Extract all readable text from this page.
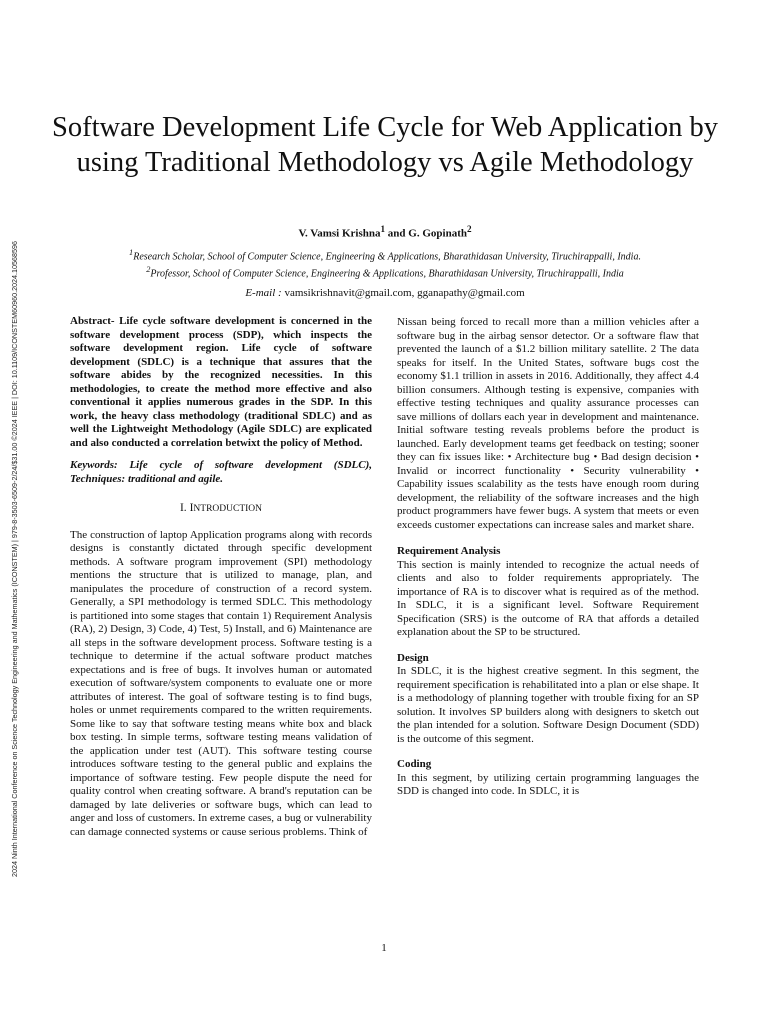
2024 Ninth International Conference on Science Technology Engineering and Mathematics (ICONSTEM) | 979-8-3503-6509-2/24/$31.00 ©2024 IEEE | DOI: 10.1109/ICONSTEM60960.2024.10568596
Software Development Life Cycle for Web Application by using Traditional Methodology vs Agile Methodology
V. Vamsi Krishna$^1$ and G. Gopinath$^2$
$^1$Research Scholar, School of Computer Science, Engineering & Applications, Bharathidasan University, Tiruchirappalli, India.
$^2$Professor, School of Computer Science, Engineering & Applications, Bharathidasan University, Tiruchirappalli, India
E-mail : vamsikrishnavit@gmail.com, gganapathy@gmail.com

Abstract- Life cycle software development is concerned in the software development process (SDP), which inspects the software development region. Life cycle of software development (SDLC) is a technique that assures that the software abides by the recognized necessities. In this methodologies, to create the method more effective and also conventional it applies numerous grades in the SDP. In this work, the heavy class methodology (traditional SDLC) and as well the Lightweight Methodology (Agile SDLC) are explicated and also conducted a correlation betwixt the policy of Method.

Keywords: Life cycle of software development (SDLC), Techniques: traditional and agile.

I. INTRODUCTION

The construction of laptop Application programs along with records designs is constantly dictated through specific development methods. A software program improvement (SPI) methodology mentions the structure that is utilized to manage, plan, and manipulates the procedure of construction of a record system. Generally, a SPI methodology is termed SDLC. This methodology is partitioned into some stages that contain 1) Requirement Analysis (RA), 2) Design, 3) Code, 4) Test, 5) Install, and 6) Maintenance are all steps in the software development process. Software testing is a technique to determine if the actual software product matches expectations and is free of bugs. It involves human or automated execution of software/system components to evaluate one or more attributes of interest. The goal of software testing is to find bugs, holes or unmet requirements compared to the written requirements. Some like to say that software testing means white box and black box testing. In simple terms, software testing means validation of the application under test (AUT). This software testing course introduces software testing to the general public and explains the importance of software testing. Few people dispute the need for quality control when creating software. A brand's reputation can be damaged by late deliveries or software bugs, which can lead to anger and loss of customers. In extreme cases, a bug or vulnerability can damage connected systems or cause serious problems. Think of

Nissan being forced to recall more than a million vehicles after a software bug in the airbag sensor detector. Or a software flaw that prevented the launch of a $1.2 billion military satellite. 2 The data speaks for itself. In the United States, software bugs cost the economy $1.1 trillion in assets in 2016. Additionally, they affect 4.4 billion consumers. Although testing is expensive, companies with effective testing techniques and quality assurance processes can save millions of dollars each year in development and maintenance. Initial software testing reveals problems before the product is launched. Early development teams get feedback on testing; sooner they can fix issues like: • Architecture bug • Bad design decision • Invalid or incorrect functionality • Security vulnerability • Capability issues scalability as the tests have enough room during development, the reliability of the software increases and the high product programmers have fewer bugs. A system that meets or even exceeds customer expectations can increase sales and market share.

Requirement Analysis

This section is mainly intended to recognize the actual needs of clients and also to folder requirements appropriately. The importance of RA is to discover what is required as of the method. In SDLC, it is a significant level. Software Requirement Specification (SRS) is the outcome of RA that affords a detailed explanation about the SP to be structured.

Design

In SDLC, it is the highest creative segment. In this segment, the requirement specification is rehabilitated into a plan or else shape. It is a methodology of planning together with trouble fixing for an SP solution. It involves SP builders along with designers to sketch out the plan intended for a solution. Software Design Document (SDD) is the outcome of this segment.

Coding

In this segment, by utilizing certain programming languages the SDD is changed into code. In SDLC, it is

1
